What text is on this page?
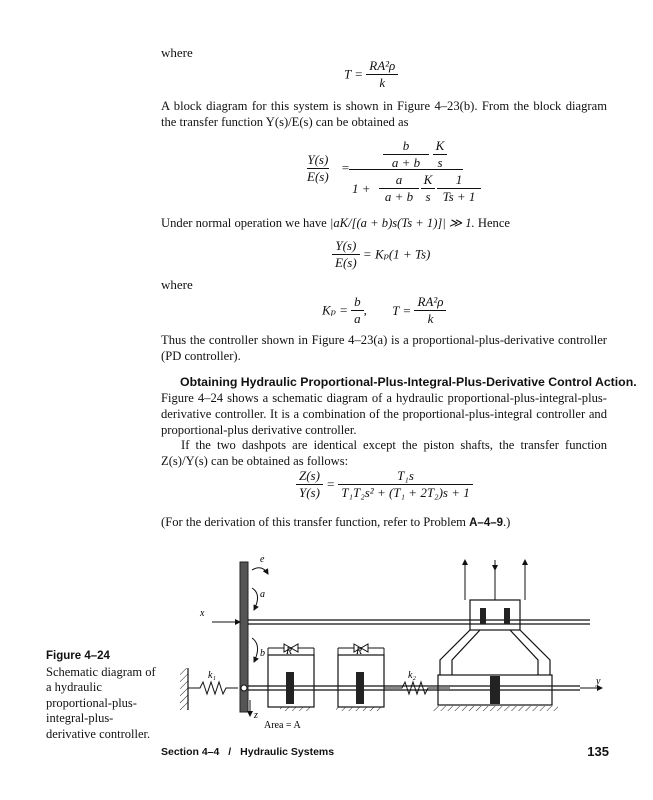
where
$T = \frac{\text{RA²ρ}}{k}$
A block diagram for this system is shown in Figure 4–23(b). From the block diagram the transfer function Y(s)/E(s) can be obtained as
$\frac{Y(s)}{E(s)}$ =
b
a + b
K
s
1 +
a
a + b
K
s
1
Ts + 1
Under normal operation we have |aK/[(a + b)s(Ts + 1)]| ≫ 1. Hence
$\frac{Y(s)}{E(s)} = K_p(1 + Ts)$
where
$K_p = \frac{b}{a}$ , $T = \frac{\text{RA²ρ}}{k}$
Thus the controller shown in Figure 4–23(a) is a proportional-plus-derivative controller (PD controller).
Obtaining Hydraulic Proportional-Plus-Integral-Plus-Derivative Control Action.
Figure 4–24 shows a schematic diagram of a hydraulic proportional-plus-integral-plus-derivative controller. It is a combination of the proportional-plus-integral controller and proportional-plus derivative controller.
If the two dashpots are identical except the piston shafts, the transfer function Z(s)/Y(s) can be obtained as follows:
$\frac{Z(s)}{Y(s)} = \frac{\text{T₁s}}{\text{T₁T₂s² + (T₁ + 2T₂)s + 1}}$
(For the derivation of this transfer function, refer to Problem A–4–9.)
Figure 4–24
Schematic diagram of a hydraulic proportional-plus-integral-plus-derivative controller.
e
a
x
b R	R
k₁	k₂
z
y
Area = A
Section 4–4 / Hydraulic Systems	135
